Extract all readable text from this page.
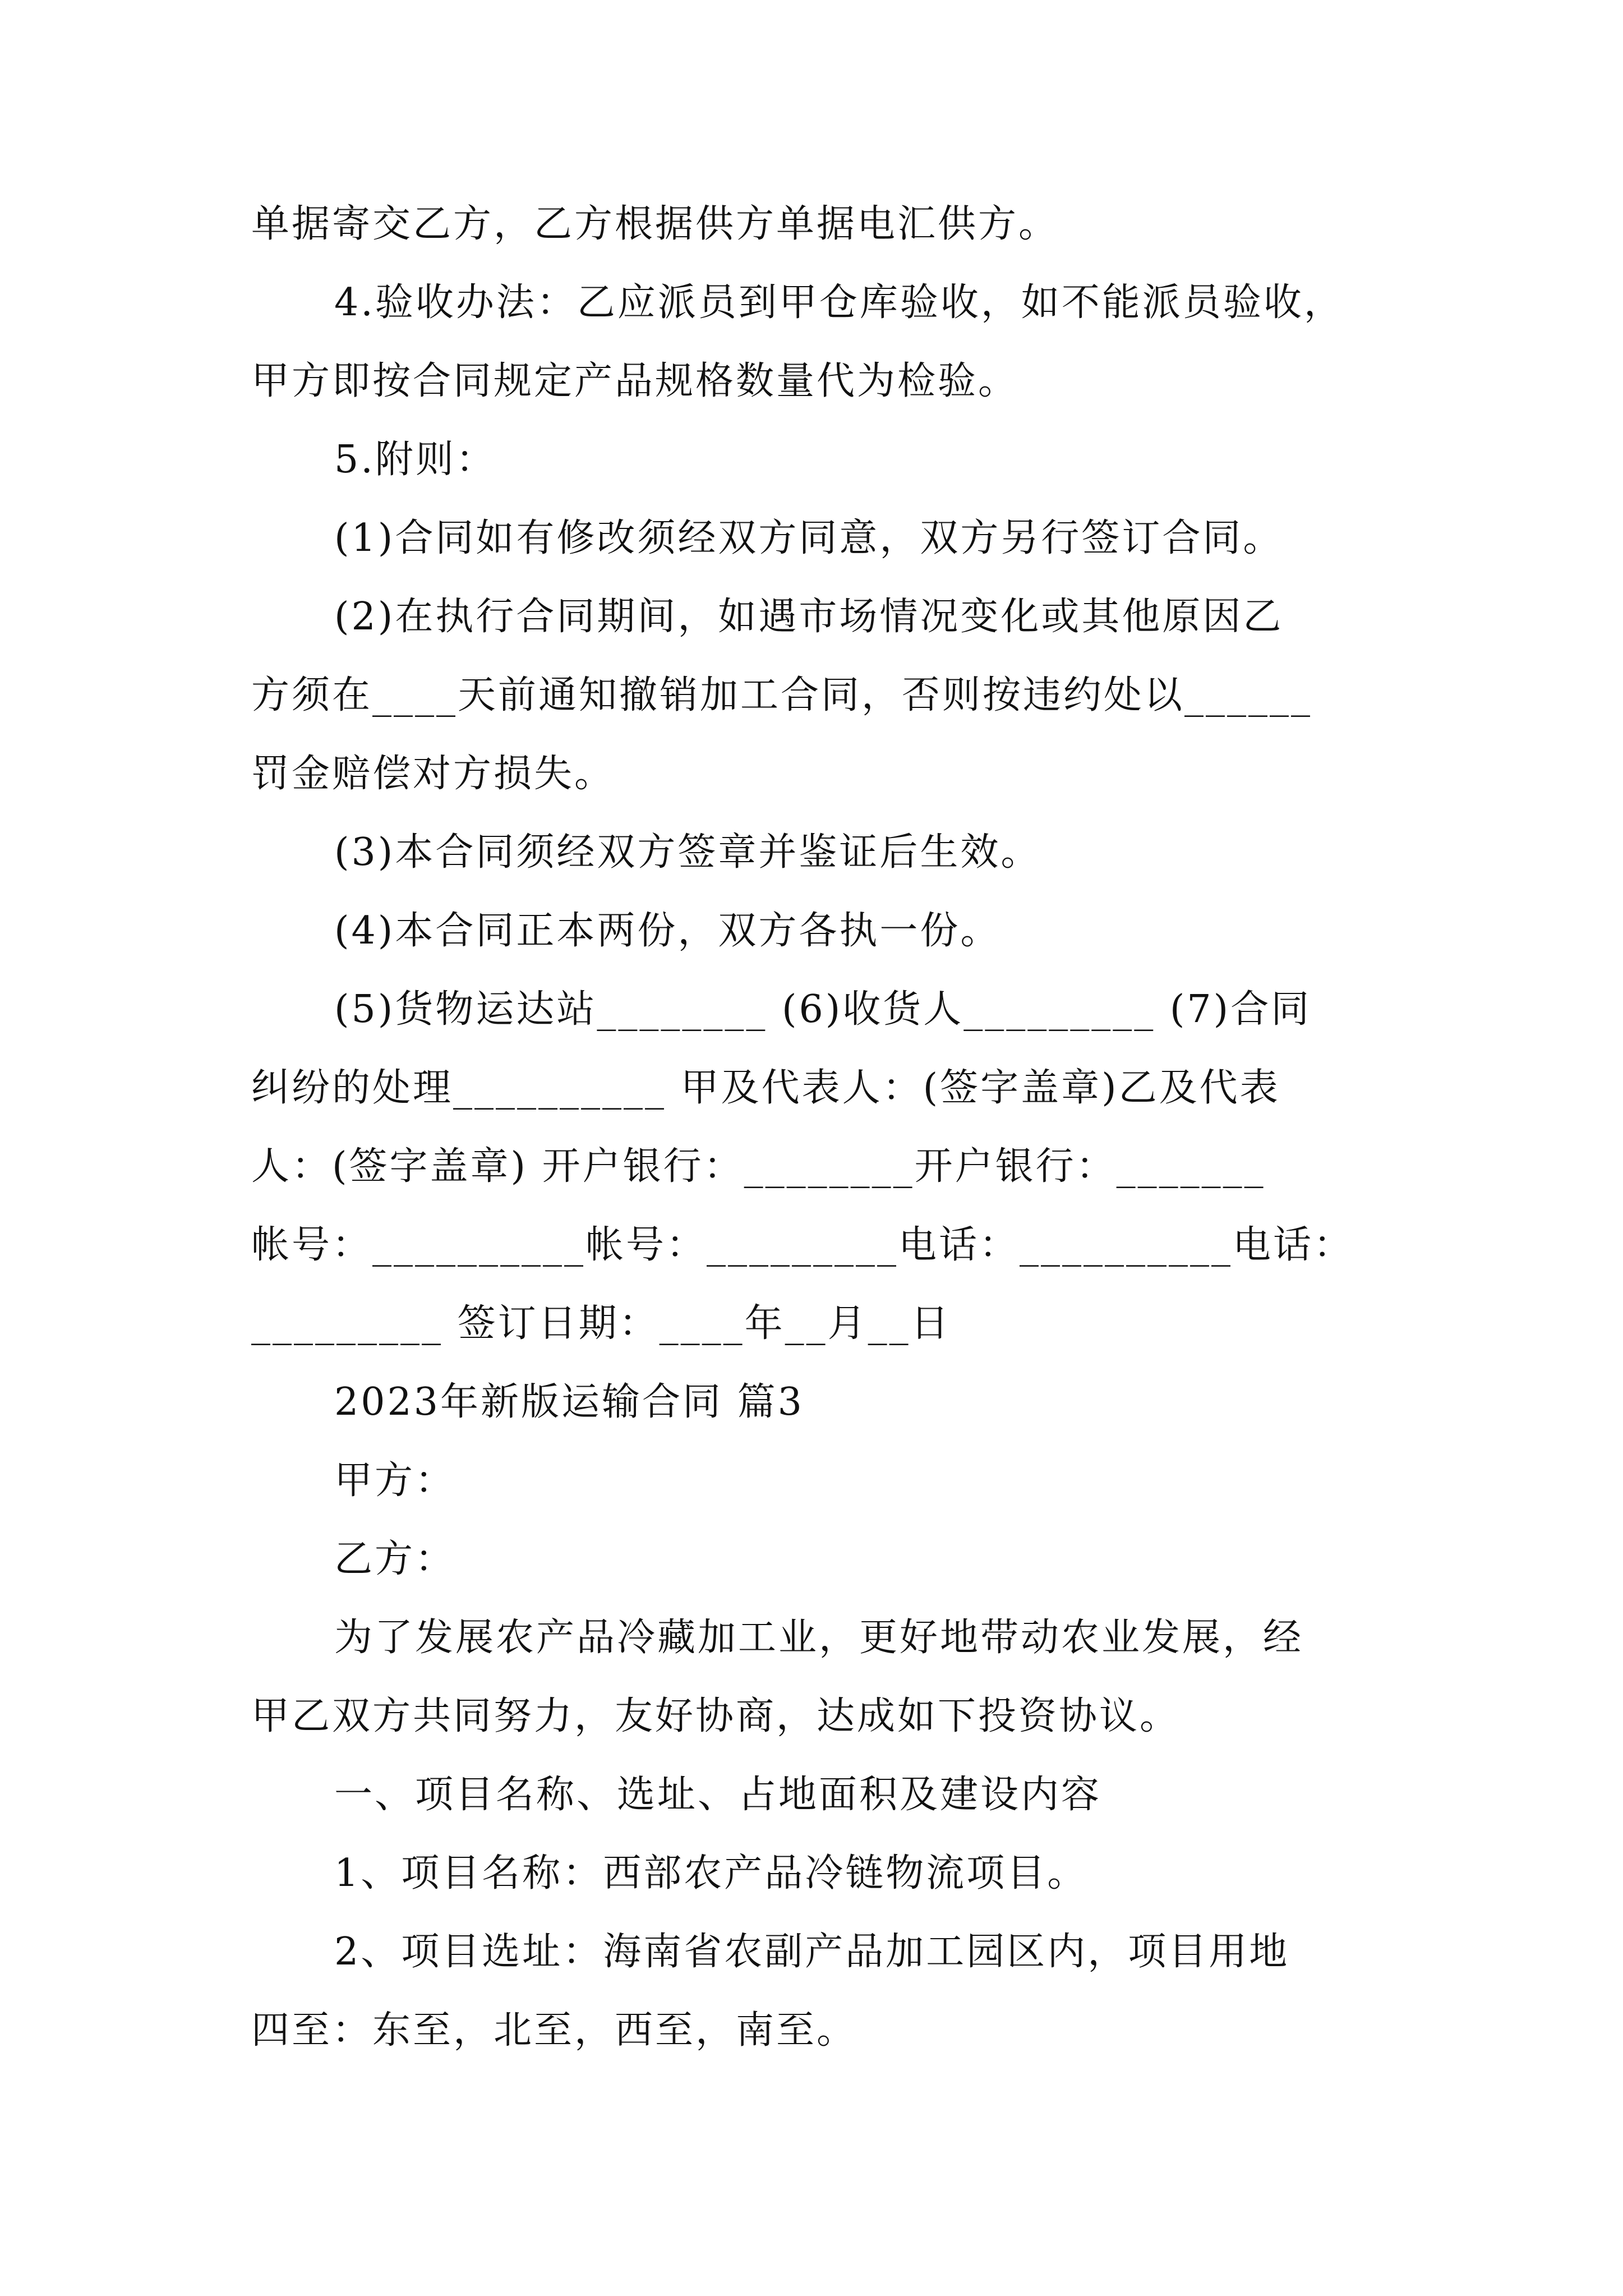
单据寄交乙方，乙方根据供方单据电汇供方。
4.验收办法：乙应派员到甲仓库验收，如不能派员验收，
甲方即按合同规定产品规格数量代为检验。
5.附则：
(1)合同如有修改须经双方同意，双方另行签订合同。
(2)在执行合同期间，如遇市场情况变化或其他原因乙
方须在____天前通知撤销加工合同，否则按违约处以______
罚金赔偿对方损失。
(3)本合同须经双方签章并鉴证后生效。
(4)本合同正本两份，双方各执一份。
(5)货物运达站________ (6)收货人_________ (7)合同
纠纷的处理__________ 甲及代表人：(签字盖章)乙及代表
人：(签字盖章) 开户银行：________开户银行：_______
帐号：__________帐号：_________电话：__________电话：
_________ 签订日期：____年__月__日
2023年新版运输合同 篇3
甲方：
乙方：
为了发展农产品冷藏加工业，更好地带动农业发展，经
甲乙双方共同努力，友好协商，达成如下投资协议。
一、项目名称、选址、占地面积及建设内容
1、项目名称：西部农产品冷链物流项目。
2、项目选址：海南省农副产品加工园区内，项目用地
四至：东至，北至，西至，南至。
